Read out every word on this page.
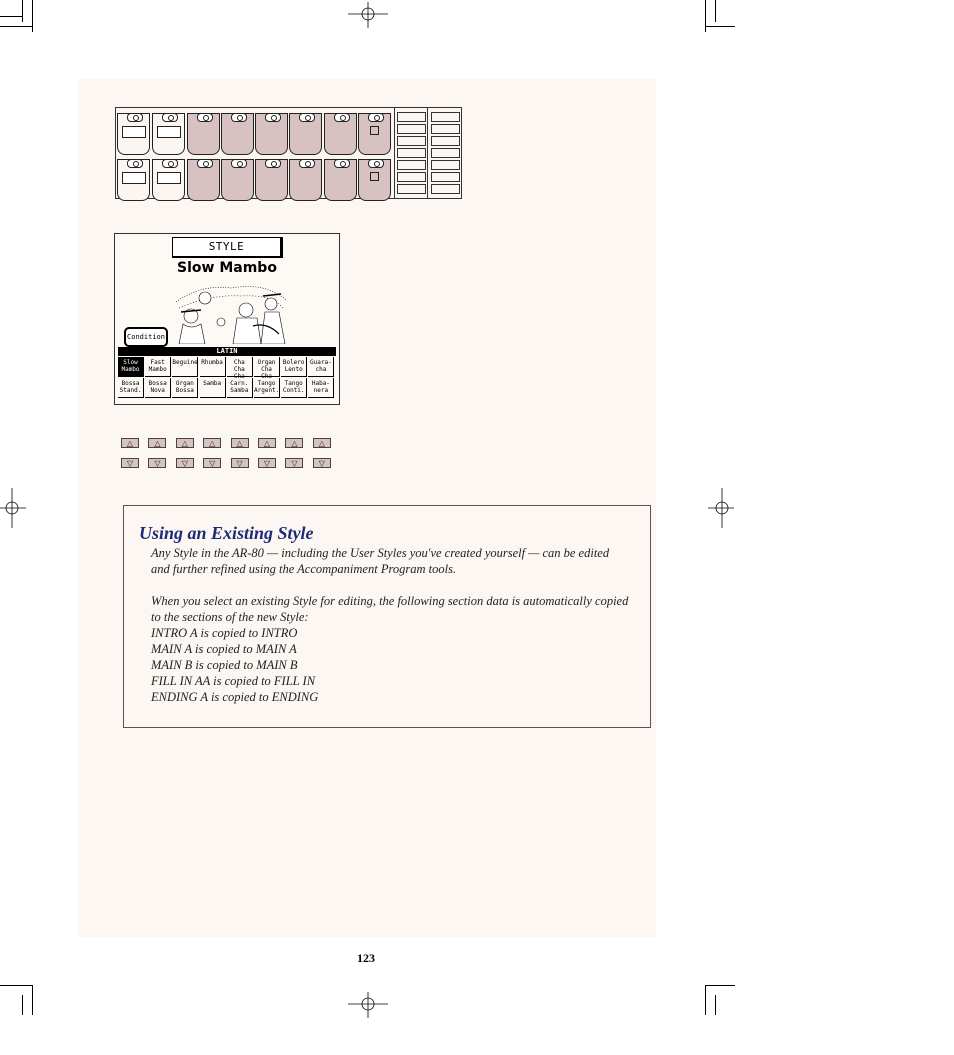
STYLE
Slow Mambo
Condition
LATIN
Slow
Mambo
Fast
Mambo
Beguine Rhumba	Cha
Cha Cha
Organ
Cha Cha
Bolero
Lento
Guara-
cha
Bossa
Stand.
Bossa
Nova
Organ
Bossa
Samba	Carn.
Samba
Tango
Argent.
Tango
Conti.
Haba-
nera
△
▽
△
▽
△
▽
△
▽
△
▽
△
▽
△
▽
△
▽
Using an Existing Style
Any Style in the AR-80 — including the User Styles you've created yourself — can be edited
and further refined using the Accompaniment Program tools.
When you select an existing Style for editing, the following section data is automatically copied
to the sections of the new Style:
INTRO A is copied to INTRO
MAIN A is copied to MAIN A
MAIN B is copied to MAIN B
FILL IN AA is copied to FILL IN
ENDING A is copied to ENDING
123
